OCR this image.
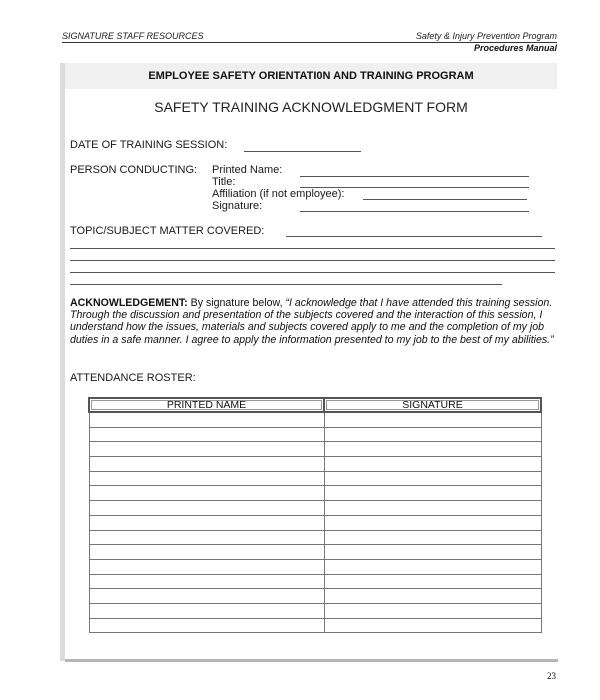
SIGNATURE STAFF RESOURCES	Safety & Injury Prevention Program
Procedures Manual
EMPLOYEE SAFETY ORIENTATI0N AND TRAINING PROGRAM
SAFETY TRAINING ACKNOWLEDGMENT FORM
DATE OF TRAINING SESSION:
PERSON CONDUCTING: Printed Name:
Title:
Affiliation (if not employee):
Signature:
TOPIC/SUBJECT MATTER COVERED:
ACKNOWLEDGEMENT: By signature below, “I acknowledge that I have attended this training session. Through the discussion and presentation of the subjects covered and the interaction of this session, I understand how the issues, materials and subjects covered apply to me and the completion of my job duties in a safe manner. I agree to apply the information presented to my job to the best of my abilities.”
ATTENDANCE ROSTER:
PRINTED NAME	SIGNATURE

23
